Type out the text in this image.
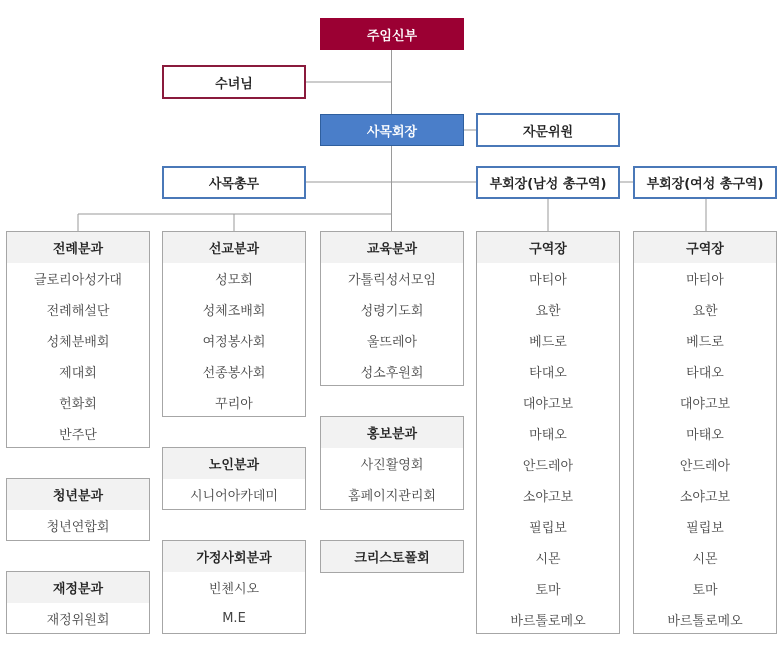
주임신부
수녀님
사목회장	자문위원
사목총무	부회장(남성 총구역)	부회장(여성 총구역)
전례분과
글로리아성가대
전례해설단
성체분배회
제대회
헌화회
반주단
청년분과
청년연합회
재정분과
재정위원회
선교분과
성모회
성체조배회
여정봉사회
선종봉사회
꾸리아
노인분과
시니어아카데미
가정사회분과
빈첸시오
M.E
교육분과
가톨릭성서모임
성령기도회
울뜨레아
성소후원회
홍보분과
사진활영회
홈페이지관리회
크리스토폴회
구역장
마티아
요한
베드로
타대오
대야고보
마태오
안드레아
소야고보
필립보
시몬
토마
바르톨로메오
구역장
마티아
요한
베드로
타대오
대야고보
마태오
안드레아
소야고보
필립보
시몬
토마
바르톨로메오
